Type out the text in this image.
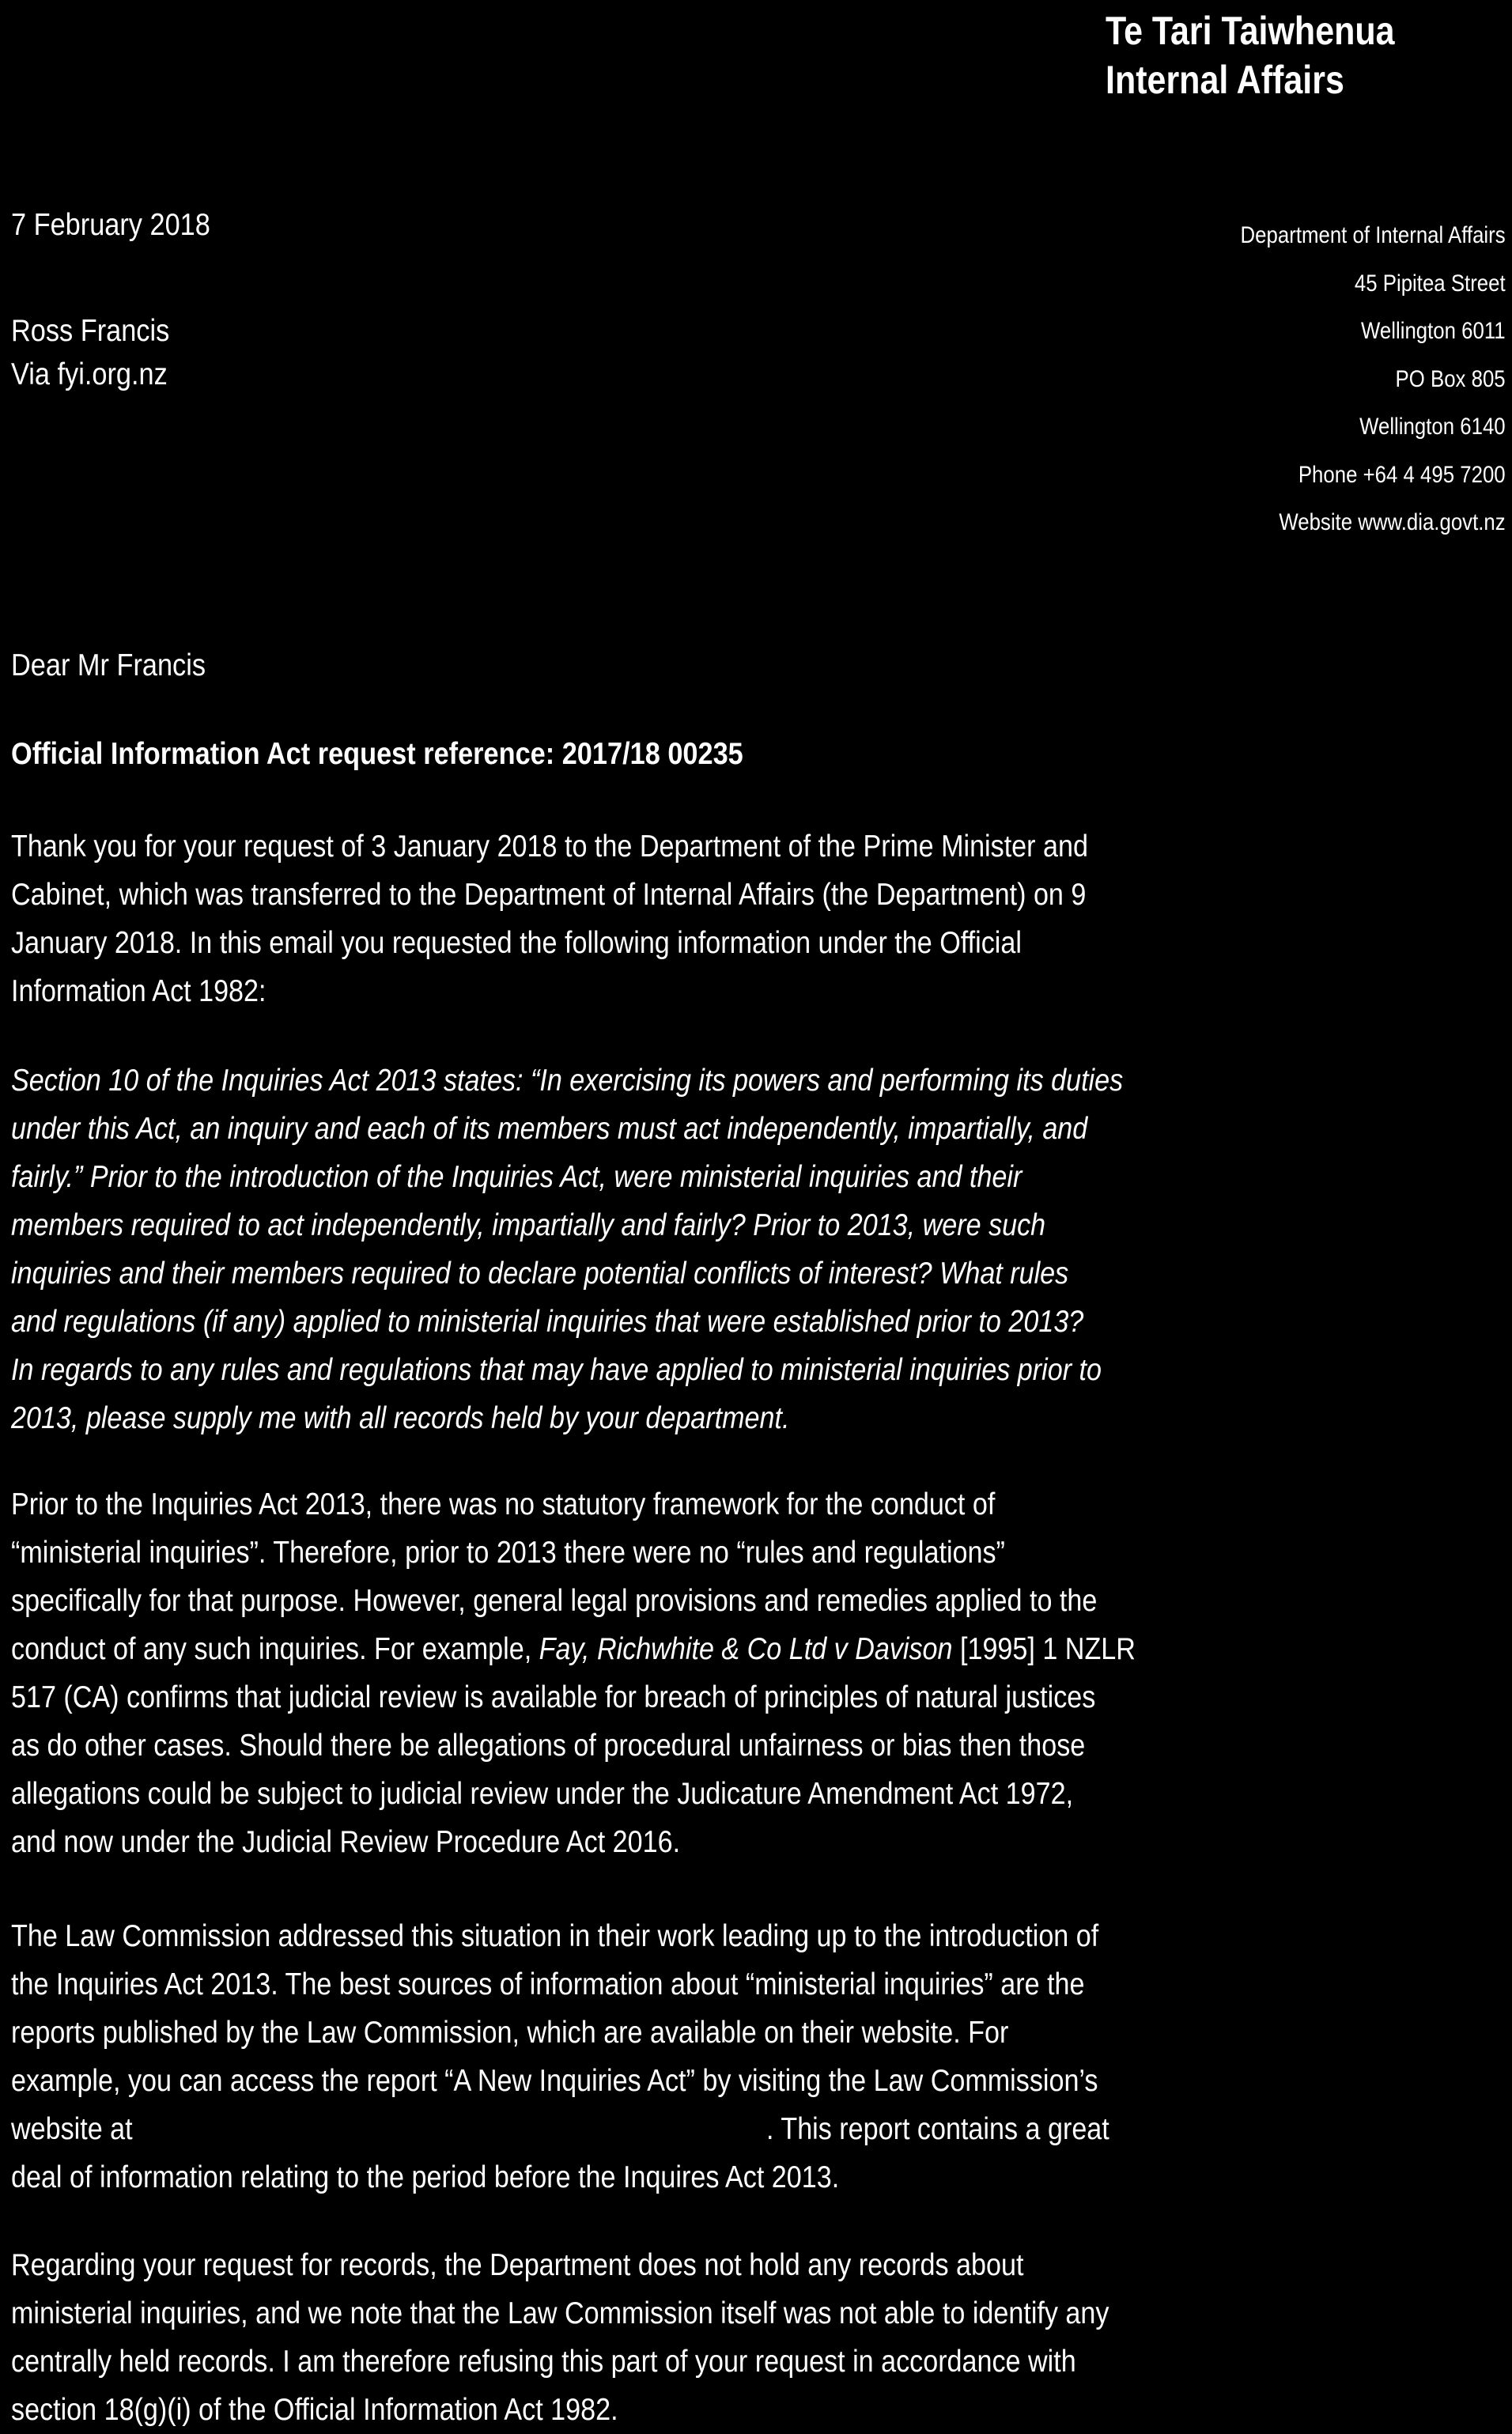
Te Tari Taiwhenua
Internal Affairs
7 February 2018
Ross Francis
Via fyi.org.nz
Department of Internal Affairs
45 Pipitea Street
Wellington 6011
PO Box 805
Wellington 6140
Phone +64 4 495 7200
Website www.dia.govt.nz
Dear Mr Francis
Official Information Act request reference: 2017/18 00235
Thank you for your request of 3 January 2018 to the Department of the Prime Minister and
Cabinet, which was transferred to the Department of Internal Affairs (the Department) on 9
January 2018. In this email you requested the following information under the Official
Information Act 1982:
Section 10 of the Inquiries Act 2013 states: “In exercising its powers and performing its duties
under this Act, an inquiry and each of its members must act independently, impartially, and
fairly.” Prior to the introduction of the Inquiries Act, were ministerial inquiries and their
members required to act independently, impartially and fairly? Prior to 2013, were such
inquiries and their members required to declare potential conflicts of interest? What rules
and regulations (if any) applied to ministerial inquiries that were established prior to 2013?
In regards to any rules and regulations that may have applied to ministerial inquiries prior to
2013, please supply me with all records held by your department.
Prior to the Inquiries Act 2013, there was no statutory framework for the conduct of
“ministerial inquiries”. Therefore, prior to 2013 there were no “rules and regulations”
specifically for that purpose. However, general legal provisions and remedies applied to the
conduct of any such inquiries. For example, Fay, Richwhite & Co Ltd v Davison [1995] 1 NZLR
517 (CA) confirms that judicial review is available for breach of principles of natural justices
as do other cases. Should there be allegations of procedural unfairness or bias then those
allegations could be subject to judicial review under the Judicature Amendment Act 1972,
and now under the Judicial Review Procedure Act 2016.
The Law Commission addressed this situation in their work leading up to the introduction of
the Inquiries Act 2013. The best sources of information about “ministerial inquiries” are the
reports published by the Law Commission, which are available on their website. For
example, you can access the report “A New Inquiries Act” by visiting the Law Commission’s
website at	. This report contains a great
deal of information relating to the period before the Inquires Act 2013.
Regarding your request for records, the Department does not hold any records about
ministerial inquiries, and we note that the Law Commission itself was not able to identify any
centrally held records. I am therefore refusing this part of your request in accordance with
section 18(g)(i) of the Official Information Act 1982.
